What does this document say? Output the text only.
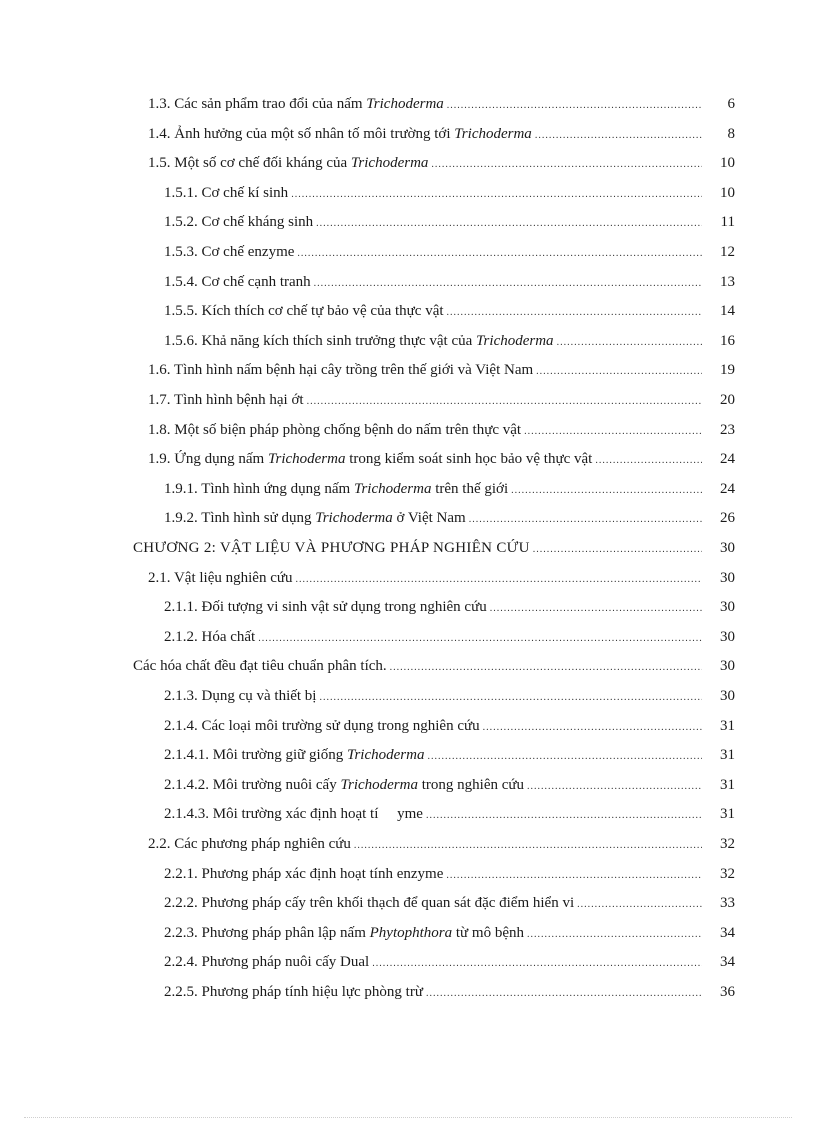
1.3. Các sản phẩm trao đổi của nấm Trichoderma .....	6
1.4. Ảnh hưởng của một số nhân tố môi trường tới Trichoderma .....	8
1.5. Một số cơ chế đối kháng của Trichoderma .....	10
1.5.1. Cơ chế kí sinh .....	10
1.5.2. Cơ chế kháng sinh .....	11
1.5.3. Cơ chế enzyme .....	12
1.5.4. Cơ chế cạnh tranh .....	13
1.5.5. Kích thích cơ chế tự bảo vệ của thực vật .....	14
1.5.6. Khả năng kích thích sinh trưởng thực vật của Trichoderma .....	16
1.6. Tình hình nấm bệnh hại cây trồng trên thế giới và Việt Nam .....	19
1.7. Tình hình bệnh hại ớt .....	20
1.8. Một số biện pháp phòng chống bệnh do nấm trên thực vật .....	23
1.9. Ứng dụng nấm Trichoderma trong kiểm soát sinh học bảo vệ thực vật .....	24
1.9.1. Tình hình ứng dụng nấm Trichoderma trên thế giới .....	24
1.9.2. Tình hình sử dụng Trichoderma ở Việt Nam .....	26
CHƯƠNG 2: VẬT LIỆU VÀ PHƯƠNG PHÁP NGHIÊN CỨU .....	30
2.1. Vật liệu nghiên cứu .....	30
2.1.1. Đối tượng vi sinh vật sử dụng trong nghiên cứu .....	30
2.1.2. Hóa chất .....	30
Các hóa chất đều đạt tiêu chuẩn phân tích. .....	30
2.1.3. Dụng cụ và thiết bị .....	30
2.1.4. Các loại môi trường sử dụng trong nghiên cứu .....	31
2.1.4.1. Môi trường giữ giống Trichoderma .....	31
2.1.4.2. Môi trường nuôi cấy Trichoderma trong nghiên cứu .....	31
2.1.4.3. Môi trường xác định hoạt tí     yme .....	31
2.2. Các phương pháp nghiên cứu .....	32
2.2.1. Phương pháp xác định hoạt tính enzyme .....	32
2.2.2. Phương pháp cấy trên khối thạch để quan sát đặc điểm hiển vi .....	33
2.2.3. Phương pháp phân lập nấm Phytophthora từ mô bệnh .....	34
2.2.4. Phương pháp nuôi cấy Dual .....	34
2.2.5. Phương pháp tính hiệu lực phòng trừ .....	36
